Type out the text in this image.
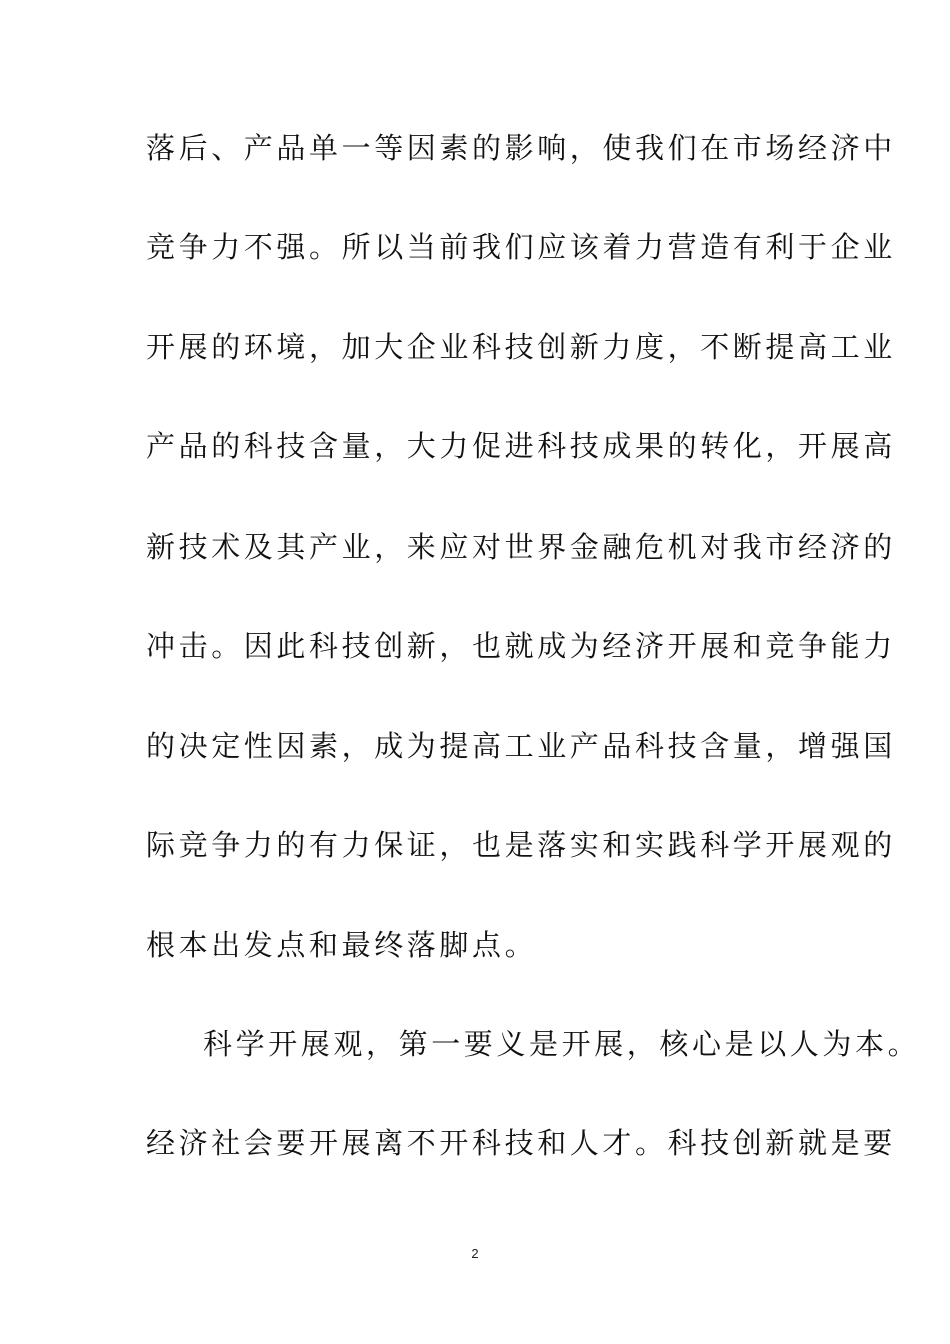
落后、产品单一等因素的影响，使我们在市场经济中
竞争力不强。所以当前我们应该着力营造有利于企业
开展的环境，加大企业科技创新力度，不断提高工业
产品的科技含量，大力促进科技成果的转化，开展高
新技术及其产业，来应对世界金融危机对我市经济的
冲击。因此科技创新，也就成为经济开展和竞争能力
的决定性因素，成为提高工业产品科技含量，增强国
际竞争力的有力保证，也是落实和实践科学开展观的
根本出发点和最终落脚点。
科学开展观，第一要义是开展，核心是以人为本。
经济社会要开展离不开科技和人才。科技创新就是要
2
